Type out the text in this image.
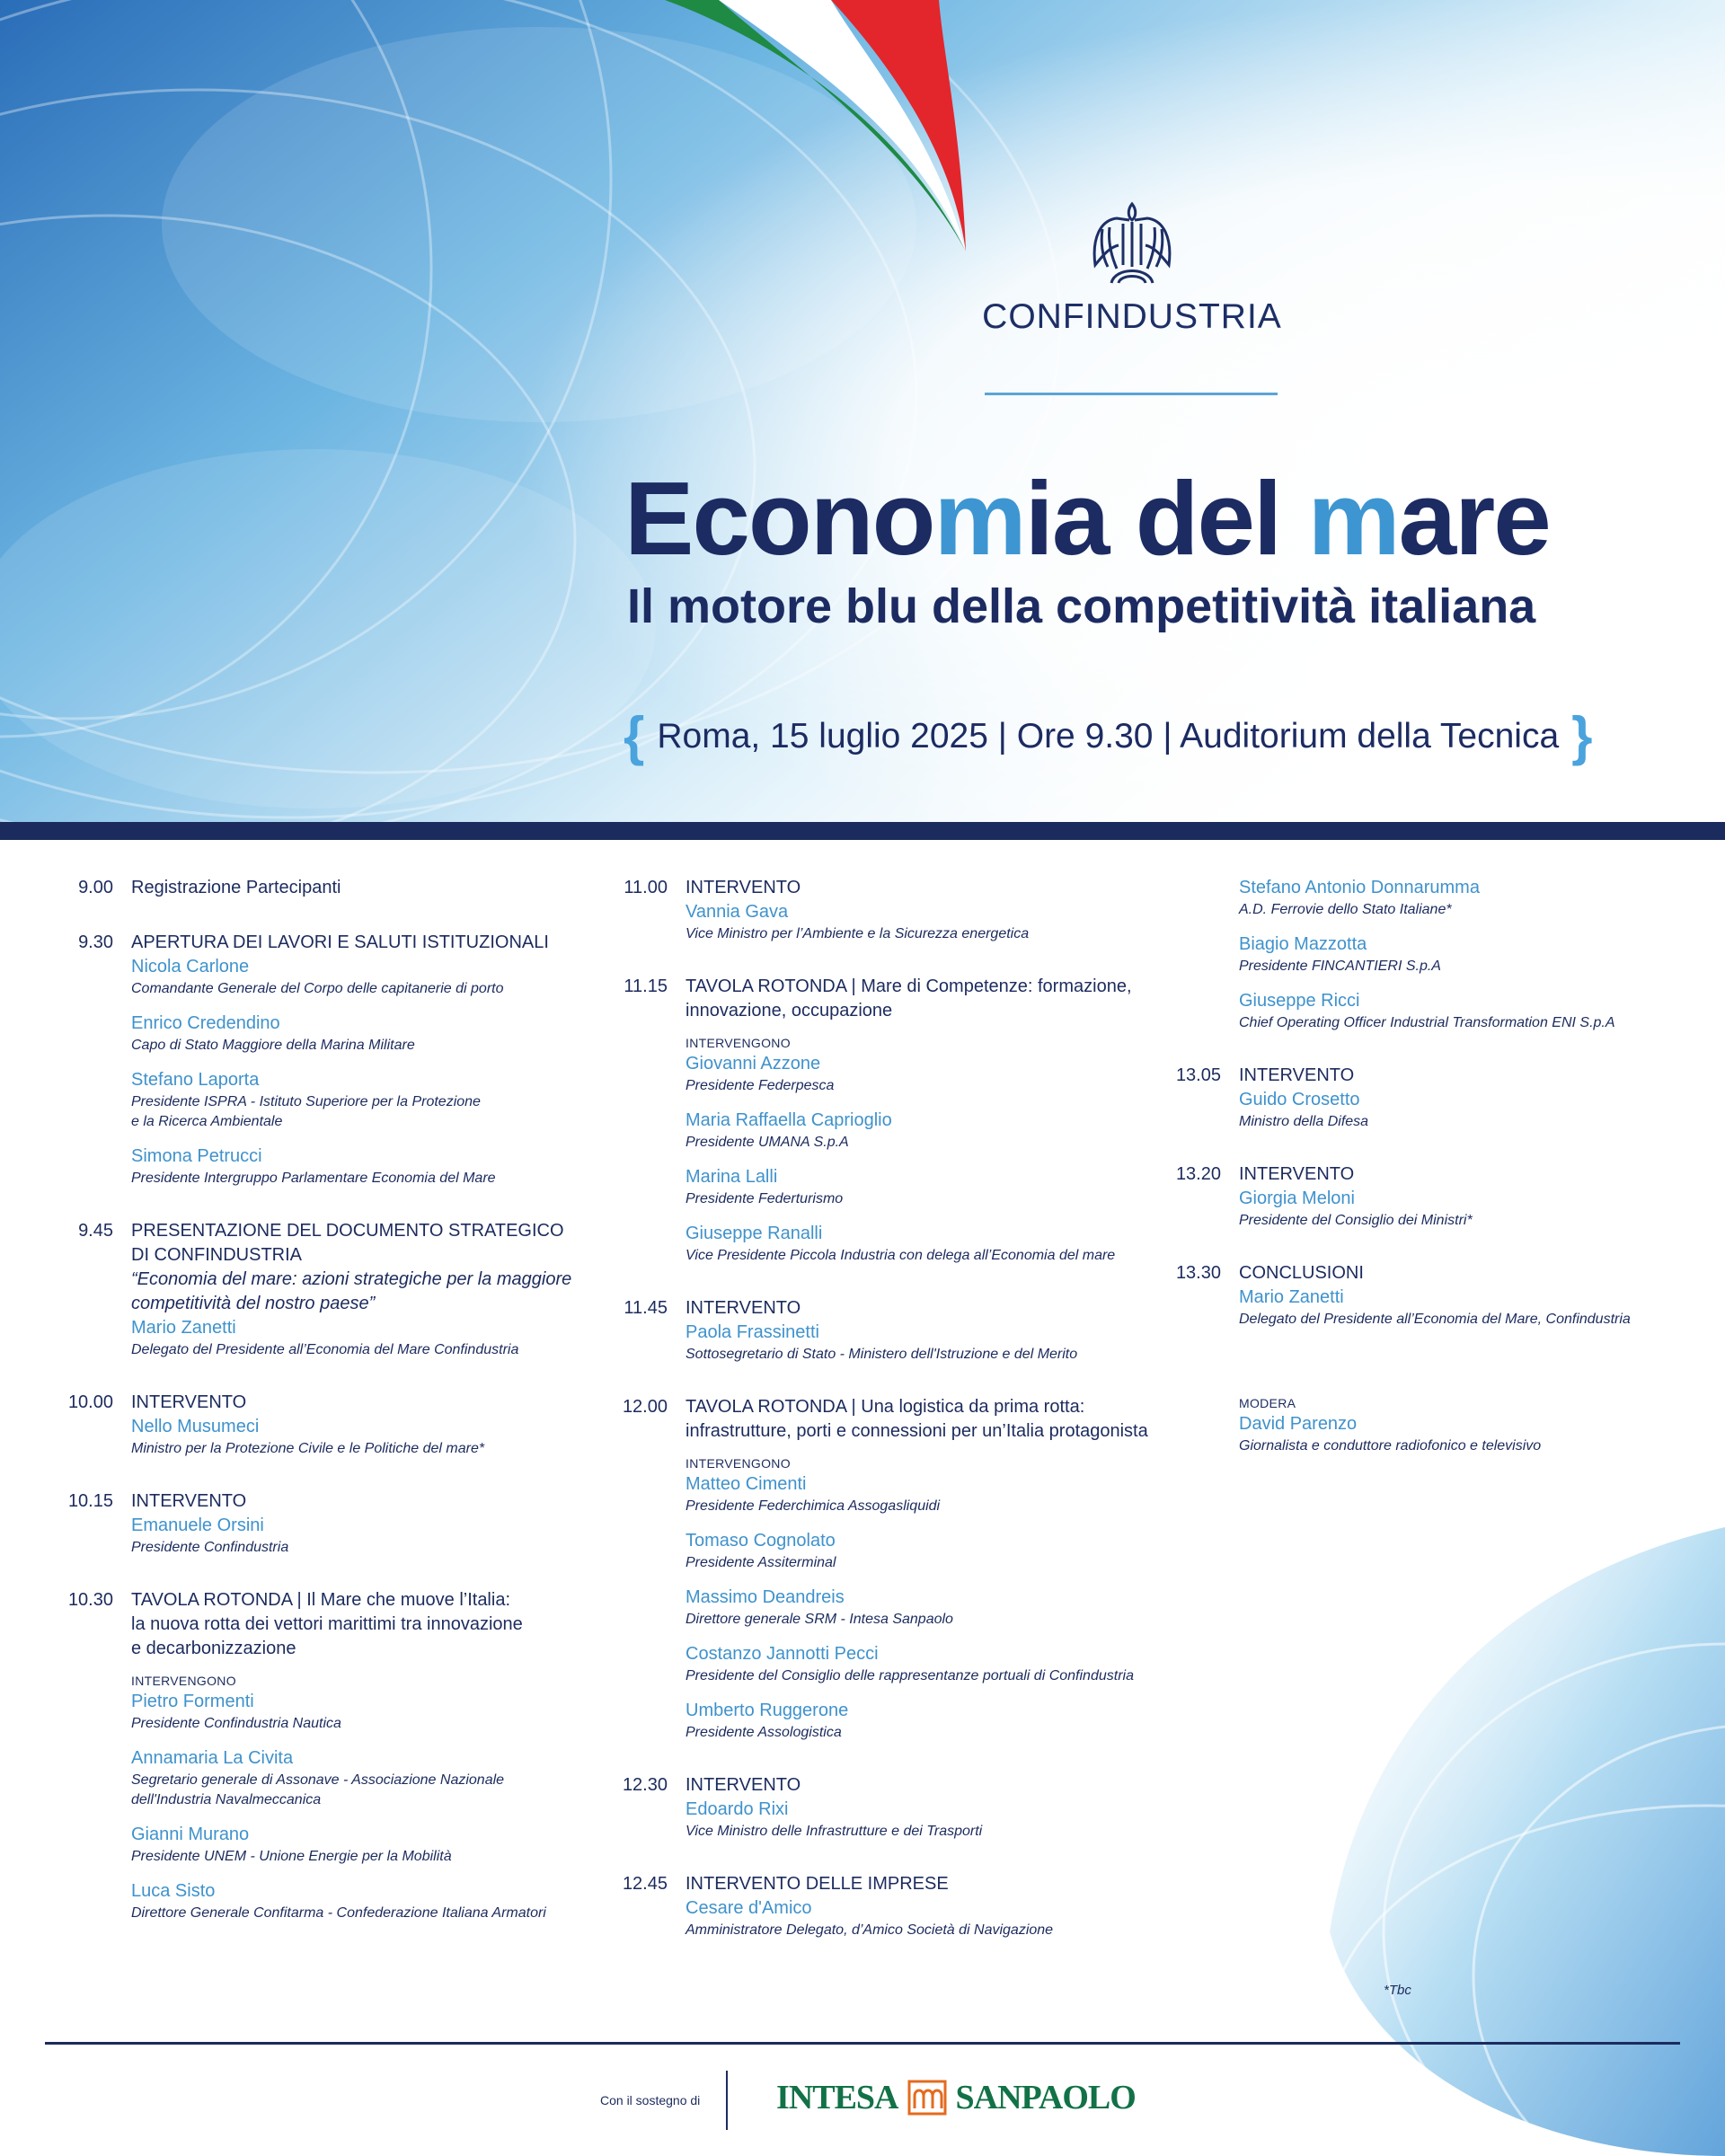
CONFINDUSTRIA
Economia del mare
Il motore blu della competitività italiana
{ Roma, 15 luglio 2025 | Ore 9.30 | Auditorium della Tecnica }
9.00 Registrazione Partecipanti
9.30 APERTURA DEI LAVORI E SALUTI ISTITUZIONALI
Nicola Carlone
Comandante Generale del Corpo delle capitanerie di porto
Enrico Credendino
Capo di Stato Maggiore della Marina Militare
Stefano Laporta
Presidente ISPRA - Istituto Superiore per la Protezione
e la Ricerca Ambientale
Simona Petrucci
Presidente Intergruppo Parlamentare Economia del Mare
9.45 PRESENTAZIONE DEL DOCUMENTO STRATEGICO
DI CONFINDUSTRIA
“Economia del mare: azioni strategiche per la maggiore
competitività del nostro paese”
Mario Zanetti
Delegato del Presidente all’Economia del Mare Confindustria
10.00 INTERVENTO
Nello Musumeci
Ministro per la Protezione Civile e le Politiche del mare*
10.15 INTERVENTO
Emanuele Orsini
Presidente Confindustria
10.30 TAVOLA ROTONDA | Il Mare che muove l’Italia:
la nuova rotta dei vettori marittimi tra innovazione
e decarbonizzazione
INTERVENGONO
Pietro Formenti
Presidente Confindustria Nautica
Annamaria La Civita
Segretario generale di Assonave - Associazione Nazionale
dell'Industria Navalmeccanica
Gianni Murano
Presidente UNEM - Unione Energie per la Mobilità
Luca Sisto
Direttore Generale Confitarma - Confederazione Italiana Armatori
11.00 INTERVENTO
Vannia Gava
Vice Ministro per l’Ambiente e la Sicurezza energetica
11.15 TAVOLA ROTONDA | Mare di Competenze: formazione,
innovazione, occupazione
INTERVENGONO
Giovanni Azzone
Presidente Federpesca
Maria Raffaella Caprioglio
Presidente UMANA S.p.A
Marina Lalli
Presidente Federturismo
Giuseppe Ranalli
Vice Presidente Piccola Industria con delega all’Economia del mare
11.45 INTERVENTO
Paola Frassinetti
Sottosegretario di Stato - Ministero dell'Istruzione e del Merito
12.00 TAVOLA ROTONDA | Una logistica da prima rotta:
infrastrutture, porti e connessioni per un’Italia protagonista
INTERVENGONO
Matteo Cimenti
Presidente Federchimica Assogasliquidi
Tomaso Cognolato
Presidente Assiterminal
Massimo Deandreis
Direttore generale SRM - Intesa Sanpaolo
Costanzo Jannotti Pecci
Presidente del Consiglio delle rappresentanze portuali di Confindustria
Umberto Ruggerone
Presidente Assologistica
12.30 INTERVENTO
Edoardo Rixi
Vice Ministro delle Infrastrutture e dei Trasporti
12.45 INTERVENTO DELLE IMPRESE
Cesare d'Amico
Amministratore Delegato, d’Amico Società di Navigazione
Stefano Antonio Donnarumma
A.D. Ferrovie dello Stato Italiane*
Biagio Mazzotta
Presidente FINCANTIERI S.p.A
Giuseppe Ricci
Chief Operating Officer Industrial Transformation ENI S.p.A
13.05 INTERVENTO
Guido Crosetto
Ministro della Difesa
13.20 INTERVENTO
Giorgia Meloni
Presidente del Consiglio dei Ministri*
13.30 CONCLUSIONI
Mario Zanetti
Delegato del Presidente all’Economia del Mare, Confindustria
MODERA
David Parenzo
Giornalista e conduttore radiofonico e televisivo
*Tbc
Con il sostegno di INTESA SANPAOLO
